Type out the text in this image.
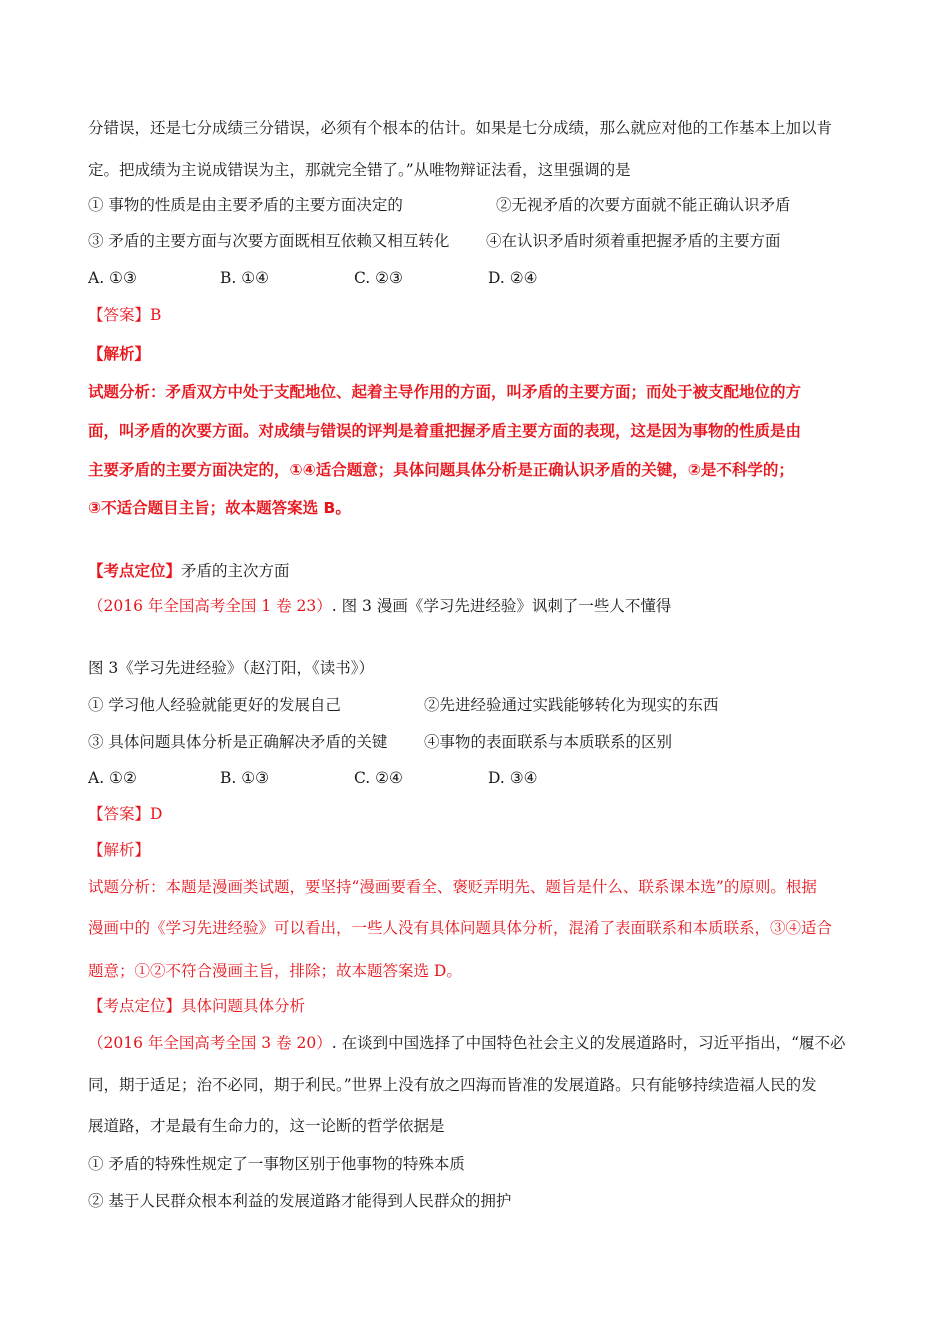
分错误，还是七分成绩三分错误，必须有个根本的估计。如果是七分成绩，那么就应对他的工作基本上加以肯
定。把成绩为主说成错误为主，那就完全错了。”从唯物辩证法看，这里强调的是
① 事物的性质是由主要矛盾的主要方面决定的	②无视矛盾的次要方面就不能正确认识矛盾
③ 矛盾的主要方面与次要方面既相互依赖又相互转化 ④在认识矛盾时须着重把握矛盾的主要方面
A. ①③	B. ①④	C. ②③	D. ②④
【答案】B
【解析】
试题分析：矛盾双方中处于支配地位、起着主导作用的方面，叫矛盾的主要方面；而处于被支配地位的方
面，叫矛盾的次要方面。对成绩与错误的评判是着重把握矛盾主要方面的表现，这是因为事物的性质是由
主要矛盾的主要方面决定的，①④适合题意；具体问题具体分析是正确认识矛盾的关键，②是不科学的；
③不适合题目主旨；故本题答案选 B。
【考点定位】矛盾的主次方面
（2016 年全国高考全国 1 卷 23）. 图 3 漫画《学习先进经验》讽刺了一些人不懂得
图 3《学习先进经验》（赵汀阳，《读书》）
① 学习他人经验就能更好的发展自己	②先进经验通过实践能够转化为现实的东西
③ 具体问题具体分析是正确解决矛盾的关键 ④事物的表面联系与本质联系的区别
A. ①②	B. ①③	C. ②④	D. ③④
【答案】D
【解析】
试题分析：本题是漫画类试题，要坚持“漫画要看全、褒贬弄明先、题旨是什么、联系课本选”的原则。根据
漫画中的《学习先进经验》可以看出，一些人没有具体问题具体分析，混淆了表面联系和本质联系，③④适合
题意；①②不符合漫画主旨，排除；故本题答案选 D。
【考点定位】具体问题具体分析
（2016 年全国高考全国 3 卷 20）. 在谈到中国选择了中国特色社会主义的发展道路时，习近平指出，“履不必
同，期于适足；治不必同，期于利民。”世界上没有放之四海而皆准的发展道路。只有能够持续造福人民的发
展道路，才是最有生命力的，这一论断的哲学依据是
① 矛盾的特殊性规定了一事物区别于他事物的特殊本质
② 基于人民群众根本利益的发展道路才能得到人民群众的拥护
